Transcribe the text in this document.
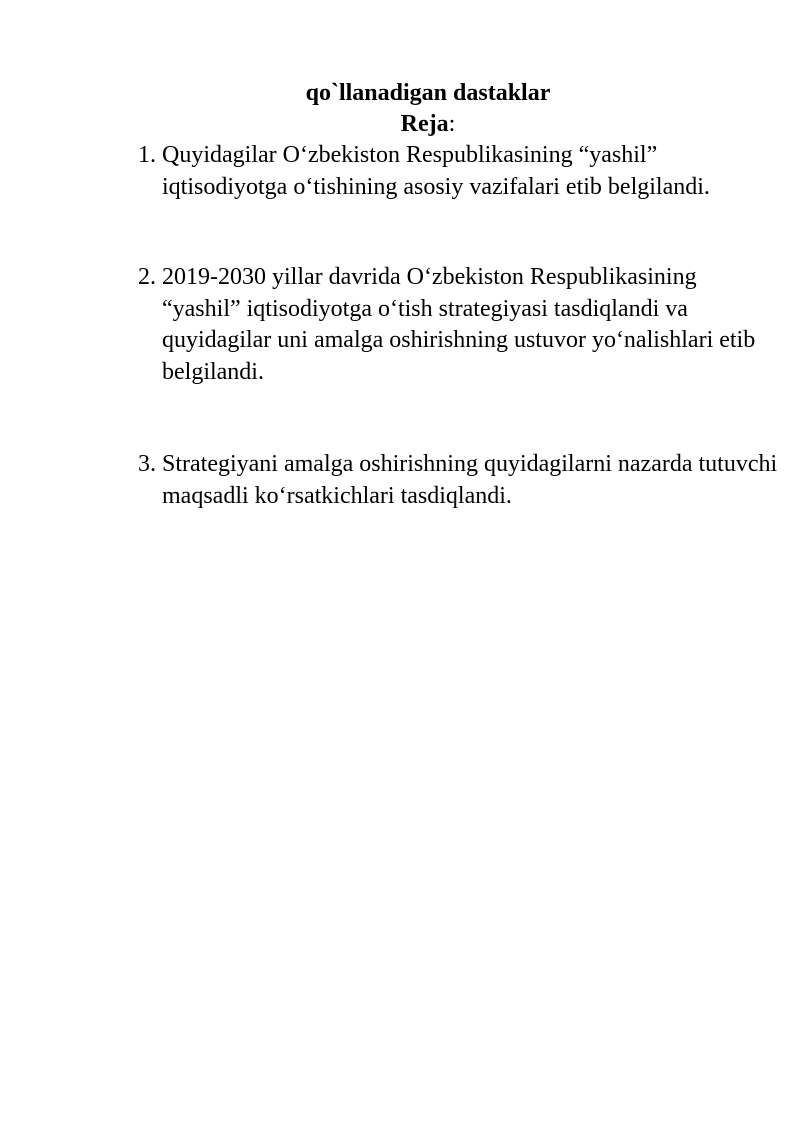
qo`llanadigan dastaklar
Reja:
1. Quyidagilar O‘zbekiston Respublikasining “yashil” iqtisodiyotga o‘tishining asosiy vazifalari etib belgilandi.
2. 2019-2030 yillar davrida O‘zbekiston Respublikasining “yashil” iqtisodiyotga o‘tish strategiyasi tasdiqlandi va quyidagilar uni amalga oshirishning ustuvor yo‘nalishlari etib belgilandi.
3. Strategiyani amalga oshirishning quyidagilarni nazarda tutuvchi maqsadli ko‘rsatkichlari tasdiqlandi.
